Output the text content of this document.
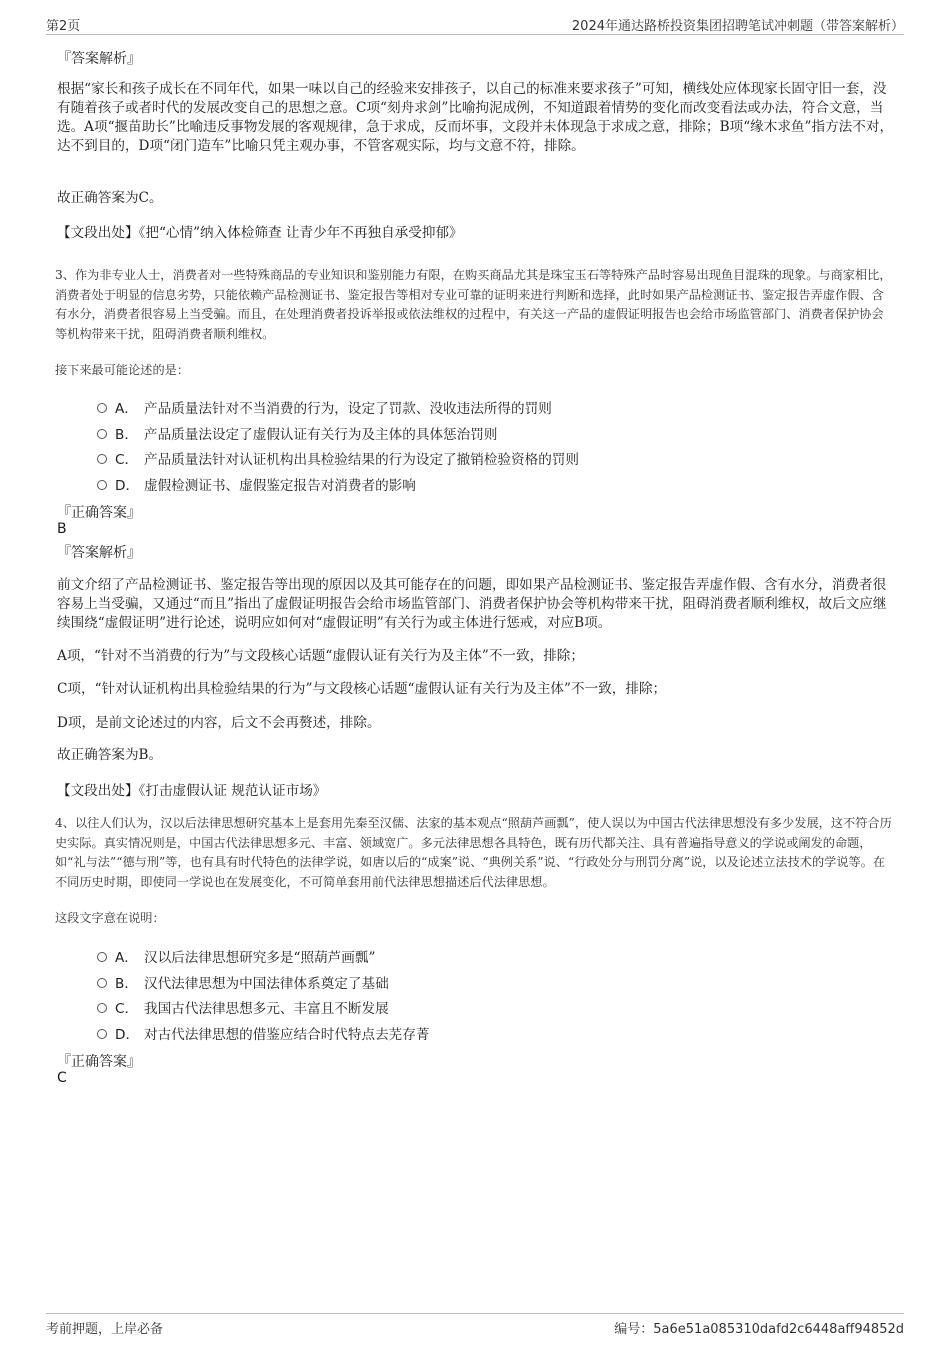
第2页	2024年通达路桥投资集团招聘笔试冲刺题（带答案解析）
『答案解析』
根据“家长和孩子成长在不同年代，如果一味以自己的经验来安排孩子，以自己的标准来要求孩子”可知，横线处应体现家长固守旧一套，没有随着孩子或者时代的发展改变自己的思想之意。C项“刻舟求剑”比喻拘泥成例，不知道跟着情势的变化而改变看法或办法，符合文意，当选。A项“揠苗助长”比喻违反事物发展的客观规律，急于求成，反而坏事，文段并未体现急于求成之意，排除；B项“缘木求鱼”指方法不对，达不到目的，D项“闭门造车”比喻只凭主观办事，不管客观实际，均与文意不符，排除。
故正确答案为C。
【文段出处】《把“心情”纳入体检筛查 让青少年不再独自承受抑郁》
3、作为非专业人士，消费者对一些特殊商品的专业知识和鉴别能力有限，在购买商品尤其是珠宝玉石等特殊产品时容易出现鱼目混珠的现象。与商家相比，消费者处于明显的信息劣势，只能依赖产品检测证书、鉴定报告等相对专业可靠的证明来进行判断和选择，此时如果产品检测证书、鉴定报告弄虚作假、含有水分，消费者很容易上当受骗。而且，在处理消费者投诉举报或依法维权的过程中，有关这一产品的虚假证明报告也会给市场监管部门、消费者保护协会等机构带来干扰，阻碍消费者顺利维权。
接下来最可能论述的是：
A． 产品质量法针对不当消费的行为，设定了罚款、没收违法所得的罚则
B． 产品质量法设定了虚假认证有关行为及主体的具体惩治罚则
C． 产品质量法针对认证机构出具检验结果的行为设定了撤销检验资格的罚则
D． 虚假检测证书、虚假鉴定报告对消费者的影响
『正确答案』
B
『答案解析』
前文介绍了产品检测证书、鉴定报告等出现的原因以及其可能存在的问题，即如果产品检测证书、鉴定报告弄虚作假、含有水分，消费者很容易上当受骗，又通过“而且”指出了虚假证明报告会给市场监管部门、消费者保护协会等机构带来干扰，阻碍消费者顺利维权，故后文应继续围绕“虚假证明”进行论述，说明应如何对“虚假证明”有关行为或主体进行惩戒，对应B项。
A项，“针对不当消费的行为”与文段核心话题“虚假认证有关行为及主体”不一致，排除；
C项，“针对认证机构出具检验结果的行为”与文段核心话题“虚假认证有关行为及主体”不一致，排除；
D项，是前文论述过的内容，后文不会再赘述，排除。
故正确答案为B。
【文段出处】《打击虚假认证 规范认证市场》
4、以往人们认为，汉以后法律思想研究基本上是套用先秦至汉儒、法家的基本观点“照葫芦画瓢”，使人误以为中国古代法律思想没有多少发展，这不符合历史实际。真实情况则是，中国古代法律思想多元、丰富、领域宽广。多元法律思想各具特色，既有历代都关注、具有普遍指导意义的学说或阐发的命题，如“礼与法”“德与刑”等，也有具有时代特色的法律学说，如唐以后的“成案”说、“典例关系”说、“行政处分与刑罚分离”说，以及论述立法技术的学说等。在不同历史时期，即使同一学说也在发展变化，不可简单套用前代法律思想描述后代法律思想。
这段文字意在说明：
A． 汉以后法律思想研究多是“照葫芦画瓢”
B． 汉代法律思想为中国法律体系奠定了基础
C． 我国古代法律思想多元、丰富且不断发展
D． 对古代法律思想的借鉴应结合时代特点去芜存菁
『正确答案』
C
考前押题，上岸必备	编号：5a6e51a085310dafd2c6448aff94852d
